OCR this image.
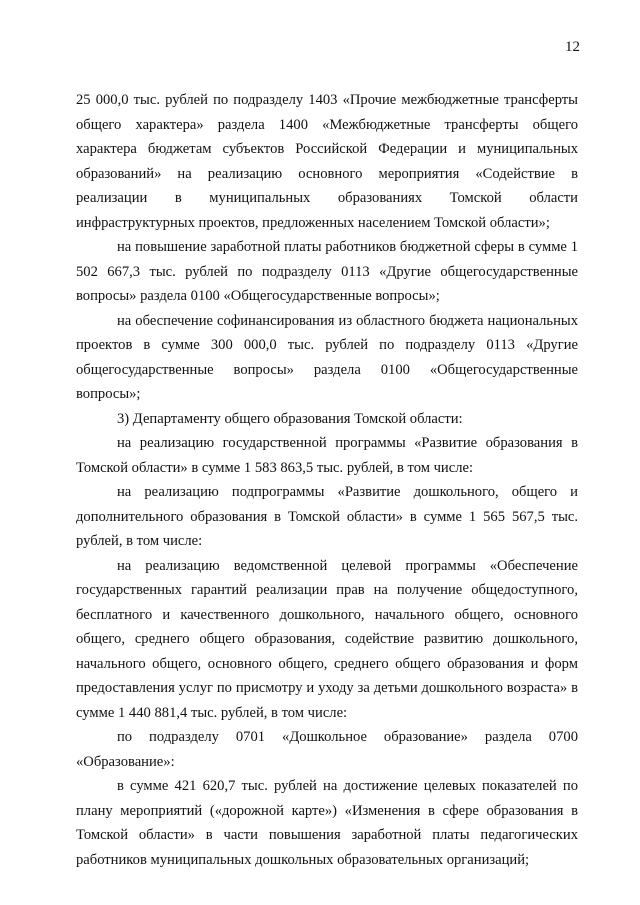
12

25 000,0 тыс. рублей по подразделу 1403 «Прочие межбюджетные трансферты общего характера» раздела 1400 «Межбюджетные трансферты общего характера бюджетам субъектов Российской Федерации и муниципальных образований» на реализацию основного мероприятия «Содействие в реализации в муниципальных образованиях Томской области инфраструктурных проектов, предложенных населением Томской области»;

на повышение заработной платы работников бюджетной сферы в сумме 1 502 667,3 тыс. рублей по подразделу 0113 «Другие общегосударственные вопросы» раздела 0100 «Общегосударственные вопросы»;

на обеспечение софинансирования из областного бюджета национальных проектов в сумме 300 000,0 тыс. рублей по подразделу 0113 «Другие общегосударственные вопросы» раздела 0100 «Общегосударственные вопросы»;

3) Департаменту общего образования Томской области:

на реализацию государственной программы «Развитие образования в Томской области» в сумме 1 583 863,5 тыс. рублей, в том числе:

на реализацию подпрограммы «Развитие дошкольного, общего и дополнительного образования в Томской области» в сумме 1 565 567,5 тыс. рублей, в том числе:

на реализацию ведомственной целевой программы «Обеспечение государственных гарантий реализации прав на получение общедоступного, бесплатного и качественного дошкольного, начального общего, основного общего, среднего общего образования, содействие развитию дошкольного, начального общего, основного общего, среднего общего образования и форм предоставления услуг по присмотру и уходу за детьми дошкольного возраста» в сумме 1 440 881,4 тыс. рублей, в том числе:

по подразделу 0701 «Дошкольное образование» раздела 0700 «Образование»:

в сумме 421 620,7 тыс. рублей на достижение целевых показателей по плану мероприятий («дорожной карте») «Изменения в сфере образования в Томской области» в части повышения заработной платы педагогических работников муниципальных дошкольных образовательных организаций;
